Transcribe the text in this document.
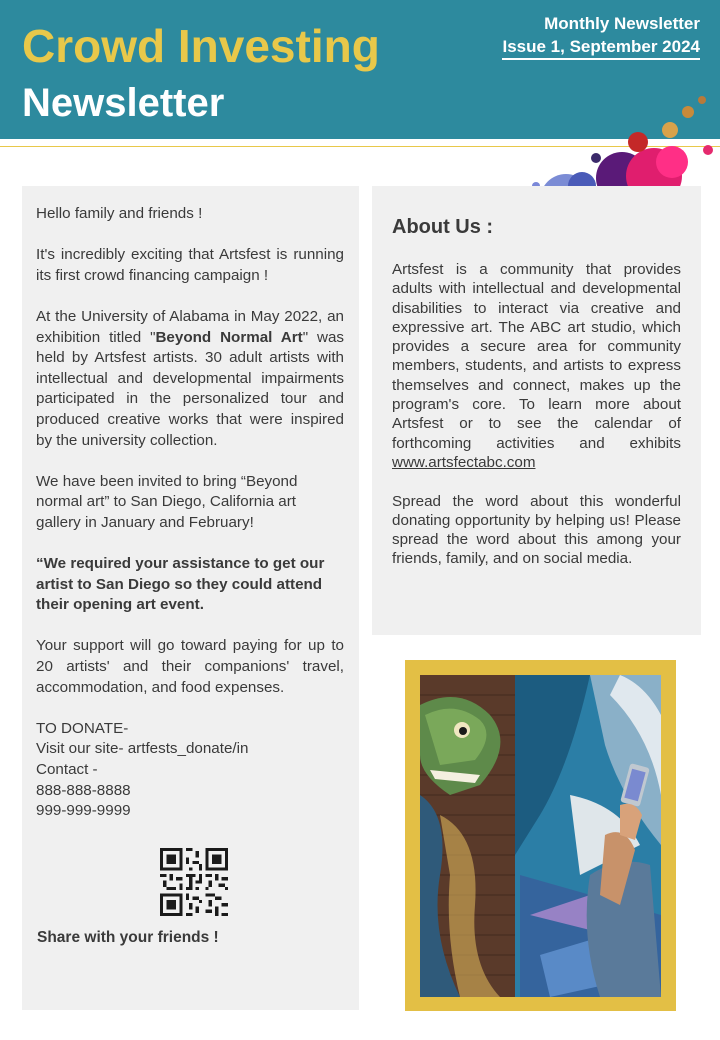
Crowd Investing
Newsletter
Monthly Newsletter
Issue 1, September 2024

Hello family and friends !

It's incredibly exciting that Artsfest is running its first crowd financing campaign !

At the University of Alabama in May 2022, an exhibition titled "Beyond Normal Art" was held by Artsfest artists. 30 adult artists with intellectual and developmental impairments participated in the personalized tour and produced creative works that were inspired by the university collection.

We have been invited to bring “Beyond normal art” to San Diego, California art gallery in January and February!

“We required your assistance to get our artist to San Diego so they could attend their opening art event.

Your support will go toward paying for up to 20 artists' and their companions' travel, accommodation, and food expenses.

TO DONATE-

Visit our site- artfests_donate/in

Contact -

888-888-8888

999-999-9999

Share with your friends !
About Us :

Artsfest is a community that provides adults with intellectual and developmental disabilities to interact via creative and expressive art. The ABC art studio, which provides a secure area for community members, students, and artists to express themselves and connect, makes up the program's core. To learn more about Artsfest or to see the calendar of forthcoming activities and exhibits www.artsfectabc.com

Spread the word about this wonderful donating opportunity by helping us! Please spread the word about this among your friends, family, and on social media.
